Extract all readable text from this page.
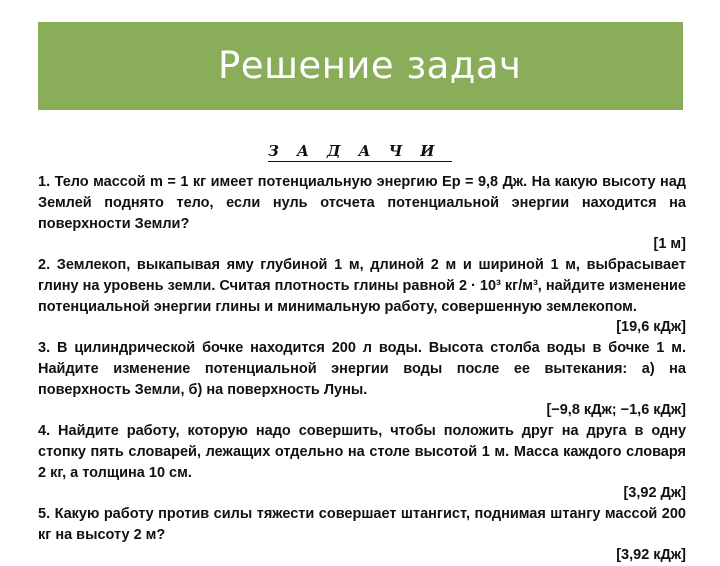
Решение задач
ЗАДАЧИ
1. Тело массой m = 1 кг имеет потенциальную энергию Ep = 9,8 Дж. На какую высоту над Землей поднято тело, если нуль отсчета потенциальной энергии находится на поверхности Земли?
[1 м]
2. Землекоп, выкапывая яму глубиной 1 м, длиной 2 м и шириной 1 м, выбрасывает глину на уровень земли. Считая плотность глины равной 2 · 10³ кг/м³, найдите изменение потенциальной энергии глины и минимальную работу, совершенную землекопом.
[19,6 кДж]
3. В цилиндрической бочке находится 200 л воды. Высота столба воды в бочке 1 м. Найдите изменение потенциальной энергии воды после ее вытекания: а) на поверхность Земли, б) на поверхность Луны.
[−9,8 кДж; −1,6 кДж]
4. Найдите работу, которую надо совершить, чтобы положить друг на друга в одну стопку пять словарей, лежащих отдельно на столе высотой 1 м. Масса каждого словаря 2 кг, а толщина 10 см.
[3,92 Дж]
5. Какую работу против силы тяжести совершает штангист, поднимая штангу массой 200 кг на высоту 2 м?
[3,92 кДж]
